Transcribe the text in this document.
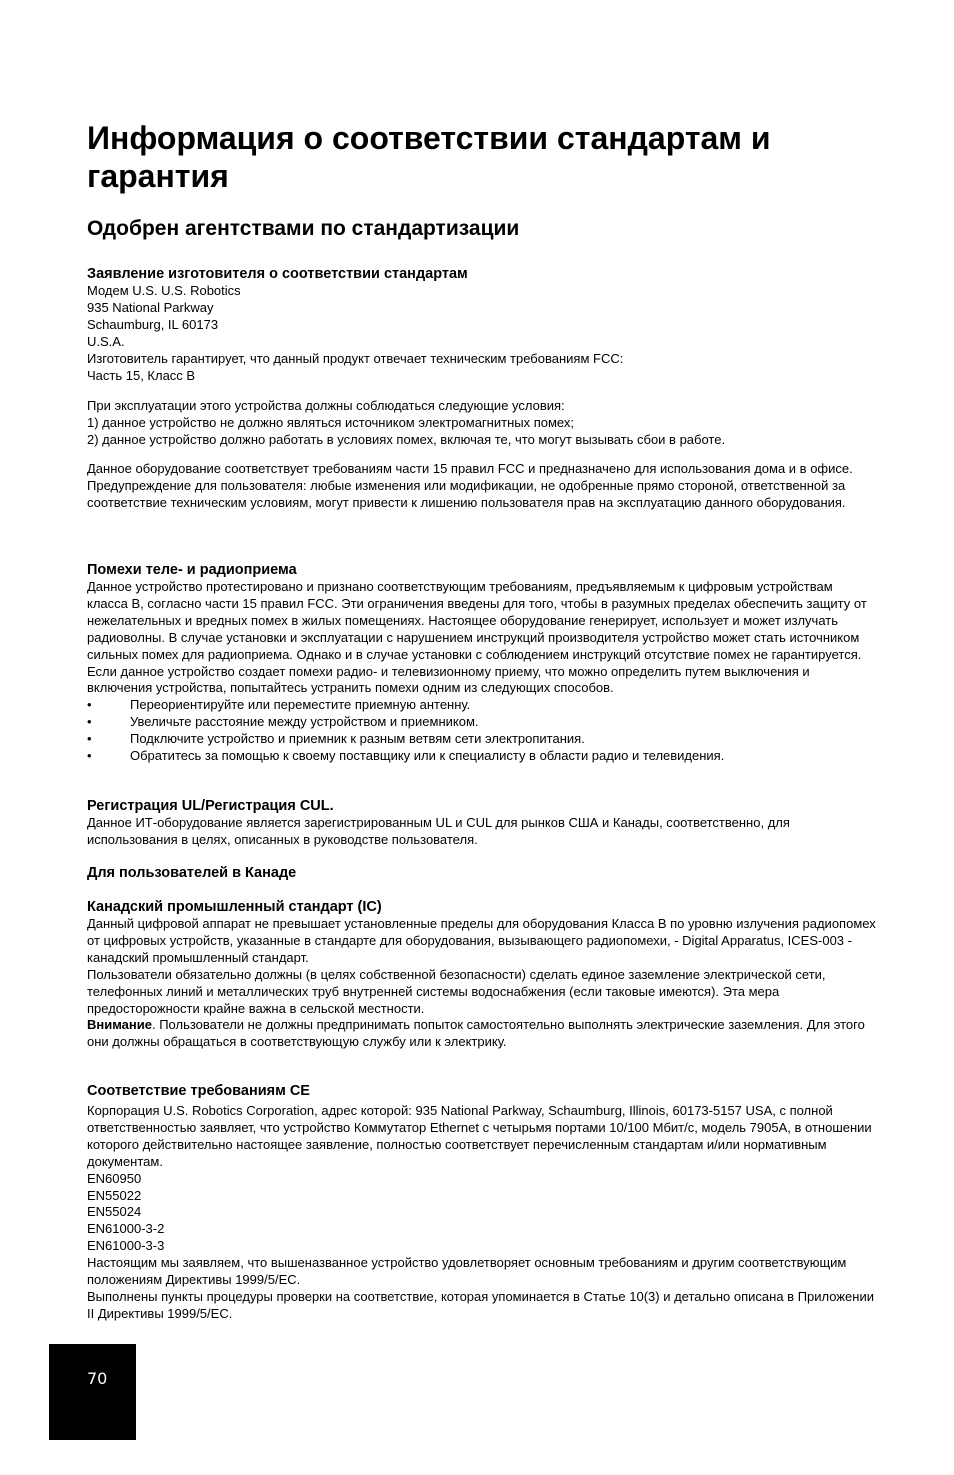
Информация о соответствии стандартам и гарантия
Одобрен агентствами по стандартизации

Заявление изготовителя о соответствии стандартам

Модем U.S. U.S. Robotics

935 National Parkway

Schaumburg, IL 60173

U.S.A.

Изготовитель гарантирует, что данный продукт отвечает техническим требованиям FCC:

Часть 15, Класс B

При эксплуатации этого устройства должны соблюдаться следующие условия:

1) данное устройство не должно являться источником электромагнитных помех;

2) данное устройство должно работать в условиях помех, включая те, что могут вызывать сбои в работе.

Данное оборудование соответствует требованиям части 15 правил FCC и предназначено для использования дома и в офисе.

Предупреждение для пользователя: любые изменения или модификации, не одобренные прямо стороной, ответственной за соответствие техническим условиям, могут привести к лишению пользователя прав на эксплуатацию данного оборудования.

Помехи теле- и радиоприема

Данное устройство протестировано и признано соответствующим требованиям, предъявляемым к цифровым устройствам класса В, согласно части 15 правил FCC. Эти ограничения введены для того, чтобы в разумных пределах обеспечить защиту от нежелательных и вредных помех в жилых помещениях. Настоящее оборудование генерирует, использует и может излучать радиоволны. В случае установки и эксплуатации с нарушением инструкций производителя устройство может стать источником сильных помех для радиоприема. Однако и в случае установки с соблюдением инструкций отсутствие помех не гарантируется. Если данное устройство создает помехи радио- и телевизионному приему, что можно определить путем выключения и включения устройства, попытайтесь устранить помехи одним из следующих способов.

• Переориентируйте или переместите приемную антенну.
• Увеличьте расстояние между устройством и приемником.
• Подключите устройство и приемник к разным ветвям сети электропитания.
• Обратитесь за помощью к своему поставщику или к специалисту в области радио и телевидения.

Регистрация UL/Регистрация CUL.

Данное ИТ-оборудование является зарегистрированным UL и CUL для рынков США и Канады, соответственно, для использования в целях, описанных в руководстве пользователя.

Для пользователей в Канаде

Канадский промышленный стандарт (IC)

Данный цифровой аппарат не превышает установленные пределы для оборудования Класса B по уровню излучения радиопомех от цифровых устройств, указанные в стандарте для оборудования, вызывающего радиопомехи, - Digital Apparatus, ICES-003 - канадский промышленный стандарт.

Пользователи обязательно должны (в целях собственной безопасности) сделать единое заземление электрической сети, телефонных линий и металлических труб внутренней системы водоснабжения (если таковые имеются). Эта мера предосторожности крайне важна в сельской местности.

Внимание. Пользователи не должны предпринимать попыток самостоятельно выполнять электрические заземления. Для этого они должны обращаться в соответствующую службу или к электрику.

Соответствие требованиям CE

Корпорация U.S. Robotics Corporation, адрес которой: 935 National Parkway, Schaumburg, Illinois, 60173-5157 USA, с полной ответственностью заявляет, что устройство Коммутатор Ethernet с четырьмя портами 10/100 Мбит/с, модель 7905A, в отношении которого действительно настоящее заявление, полностью соответствует перечисленным стандартам и/или нормативным документам.

EN60950

EN55022

EN55024

EN61000-3-2

EN61000-3-3

Настоящим мы заявляем, что вышеназванное устройство удовлетворяет основным требованиям и другим соответствующим положениям Директивы 1999/5/EC.

Выполнены пункты процедуры проверки на соответствие, которая упоминается в Статье 10(3) и детально описана в Приложении II Директивы 1999/5/EC.

70
